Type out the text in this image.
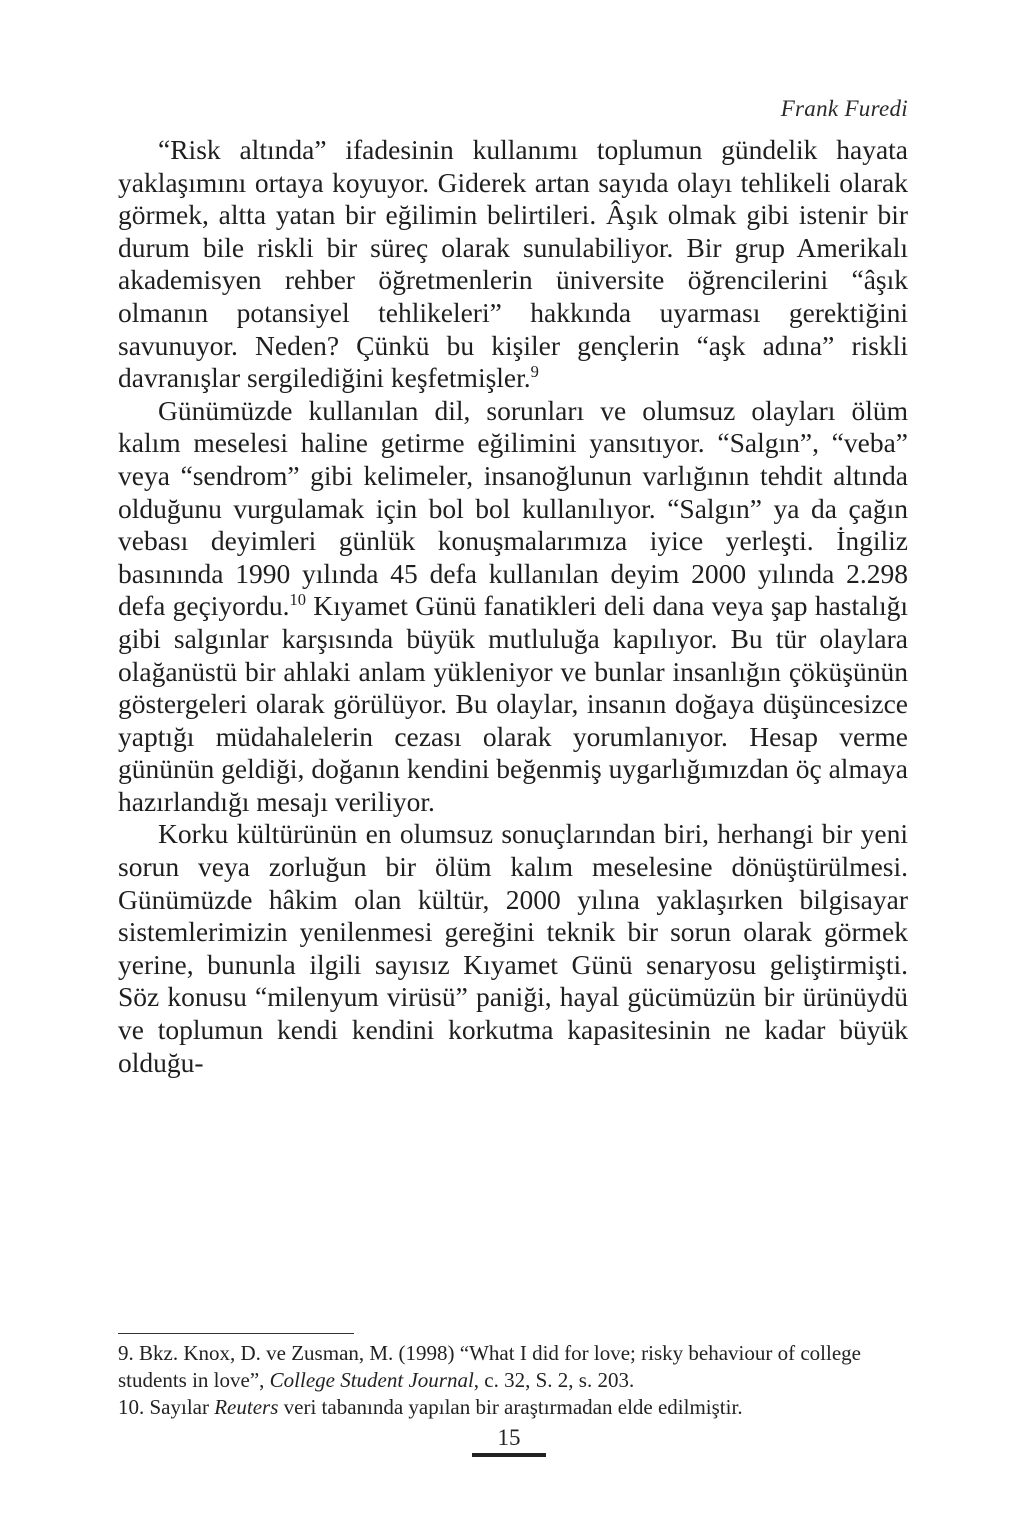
Frank Furedi

“Risk altında” ifadesinin kullanımı toplumun gündelik hayata yaklaşımını ortaya koyuyor. Giderek artan sayıda olayı tehlikeli olarak görmek, altta yatan bir eğilimin belirtileri. Âşık olmak gibi istenir bir durum bile riskli bir süreç olarak sunulabiliyor. Bir grup Amerikalı akademisyen rehber öğretmenlerin üniversite öğrencilerini “âşık olmanın potansiyel tehlikeleri” hakkında uyarması gerektiğini savunuyor. Neden? Çünkü bu kişiler gençlerin “aşk adına” riskli davranışlar sergilediğini keşfetmişler.$^9$

Günümüzde kullanılan dil, sorunları ve olumsuz olayları ölüm kalım meselesi haline getirme eğilimini yansıtıyor. “Salgın”, “veba” veya “sendrom” gibi kelimeler, insanoğlunun varlığının tehdit altında olduğunu vurgulamak için bol bol kullanılıyor. “Salgın” ya da çağın vebası deyimleri günlük konuşmalarımıza iyice yerleşti. İngiliz basınında 1990 yılında 45 defa kullanılan deyim 2000 yılında 2.298 defa geçiyordu.$^{10}$ Kıyamet Günü fanatikleri deli dana veya şap hastalığı gibi salgınlar karşısında büyük mutluluğa kapılıyor. Bu tür olaylara olağanüstü bir ahlaki anlam yükleniyor ve bunlar insanlığın çöküşünün göstergeleri olarak görülüyor. Bu olaylar, insanın doğaya düşüncesizce yaptığı müdahalelerin cezası olarak yorumlanıyor. Hesap verme gününün geldiği, doğanın kendini beğenmiş uygarlığımızdan öç almaya hazırlandığı mesajı veriliyor.

Korku kültürünün en olumsuz sonuçlarından biri, herhangi bir yeni sorun veya zorluğun bir ölüm kalım meselesine dönüştürülmesi. Günümüzde hâkim olan kültür, 2000 yılına yaklaşırken bilgisayar sistemlerimizin yenilenmesi gereğini teknik bir sorun olarak görmek yerine, bununla ilgili sayısız Kıyamet Günü senaryosu geliştirmişti. Söz konusu “milenyum virüsü” paniği, hayal gücümüzün bir ürünüydü ve toplumun kendi kendini korkutma kapasitesinin ne kadar büyük olduğu-

9. Bkz. Knox, D. ve Zusman, M. (1998) “What I did for love; risky behaviour of college students in love”, College Student Journal, c. 32, S. 2, s. 203.

10. Sayılar Reuters veri tabanında yapılan bir araştırmadan elde edilmiştir.

15
